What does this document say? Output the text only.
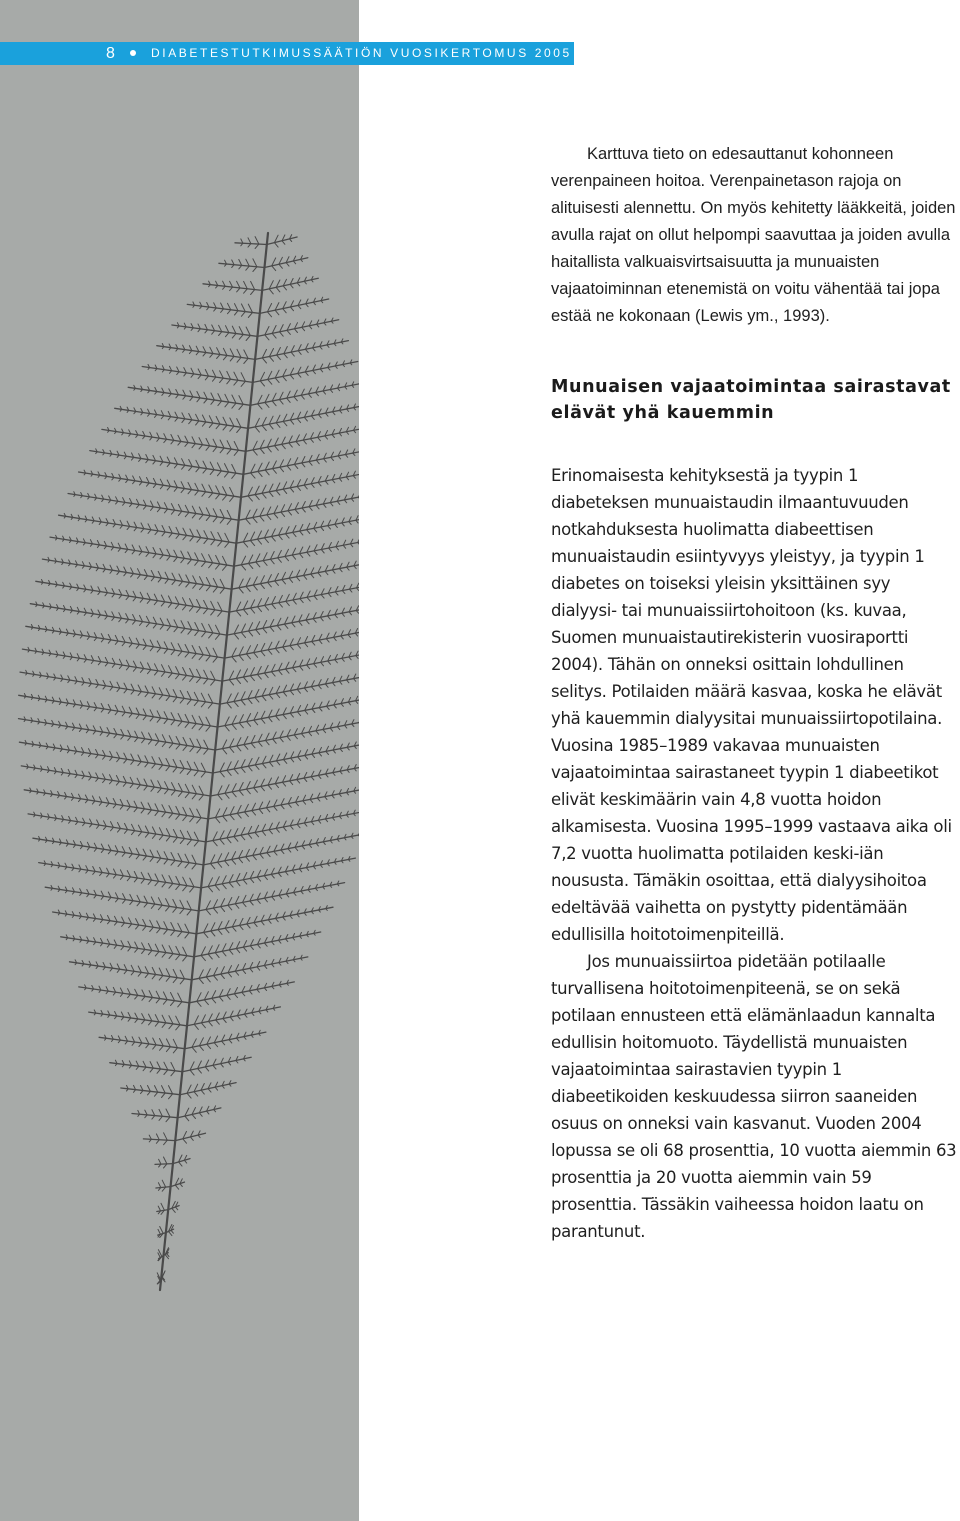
8	DIABETESTUTKIMUSSÄÄTIÖN VUOSIKERTOMUS 2005

Karttuva tieto on edesauttanut kohonneen verenpaineen hoitoa. Verenpainetason rajoja on alituisesti alennettu. On myös kehitetty lääkkeitä, joiden avulla rajat on ollut helpompi saavuttaa ja joiden avulla haitallista valkuaisvirtsaisuutta ja munuaisten vajaatoiminnan etenemistä on voitu vähentää tai jopa estää ne kokonaan (Lewis ym., 1993).

Munuaisen vajaatoimintaa sairastavat elävät yhä kauemmin

Erinomaisesta kehityksestä ja tyypin 1 diabeteksen munuaistaudin ilmaantuvuuden notkahduksesta huolimatta diabeettisen munuaistaudin esiintyvyys yleistyy, ja tyypin 1 diabetes on toiseksi yleisin yksittäinen syy dialyysi- tai munuaissiirtohoitoon (ks. kuvaa, Suomen munuaistautirekisterin vuosiraportti 2004). Tähän on onneksi osittain lohdullinen selitys. Potilaiden määrä kasvaa, koska he elävät yhä kauemmin dialyysitai munuaissiirtopotilaina. Vuosina 1985–1989 vakavaa munuaisten vajaatoimintaa sairastaneet tyypin 1 diabeetikot elivät keskimäärin vain 4,8 vuotta hoidon alkamisesta. Vuosina 1995–1999 vastaava aika oli 7,2 vuotta huolimatta potilaiden keski-iän noususta. Tämäkin osoittaa, että dialyysihoitoa edeltävää vaihetta on pystytty pidentämään edullisilla hoitotoimenpiteillä.

Jos munuaissiirtoa pidetään potilaalle turvallisena hoitotoimenpiteenä, se on sekä potilaan ennusteen että elämänlaadun kannalta edullisin hoitomuoto. Täydellistä munuaisten vajaatoimintaa sairastavien tyypin 1 diabeetikoiden keskuudessa siirron saaneiden osuus on onneksi vain kasvanut. Vuoden 2004 lopussa se oli 68 prosenttia, 10 vuotta aiemmin 63 prosenttia ja 20 vuotta aiemmin vain 59 prosenttia. Tässäkin vaiheessa hoidon laatu on parantunut.
